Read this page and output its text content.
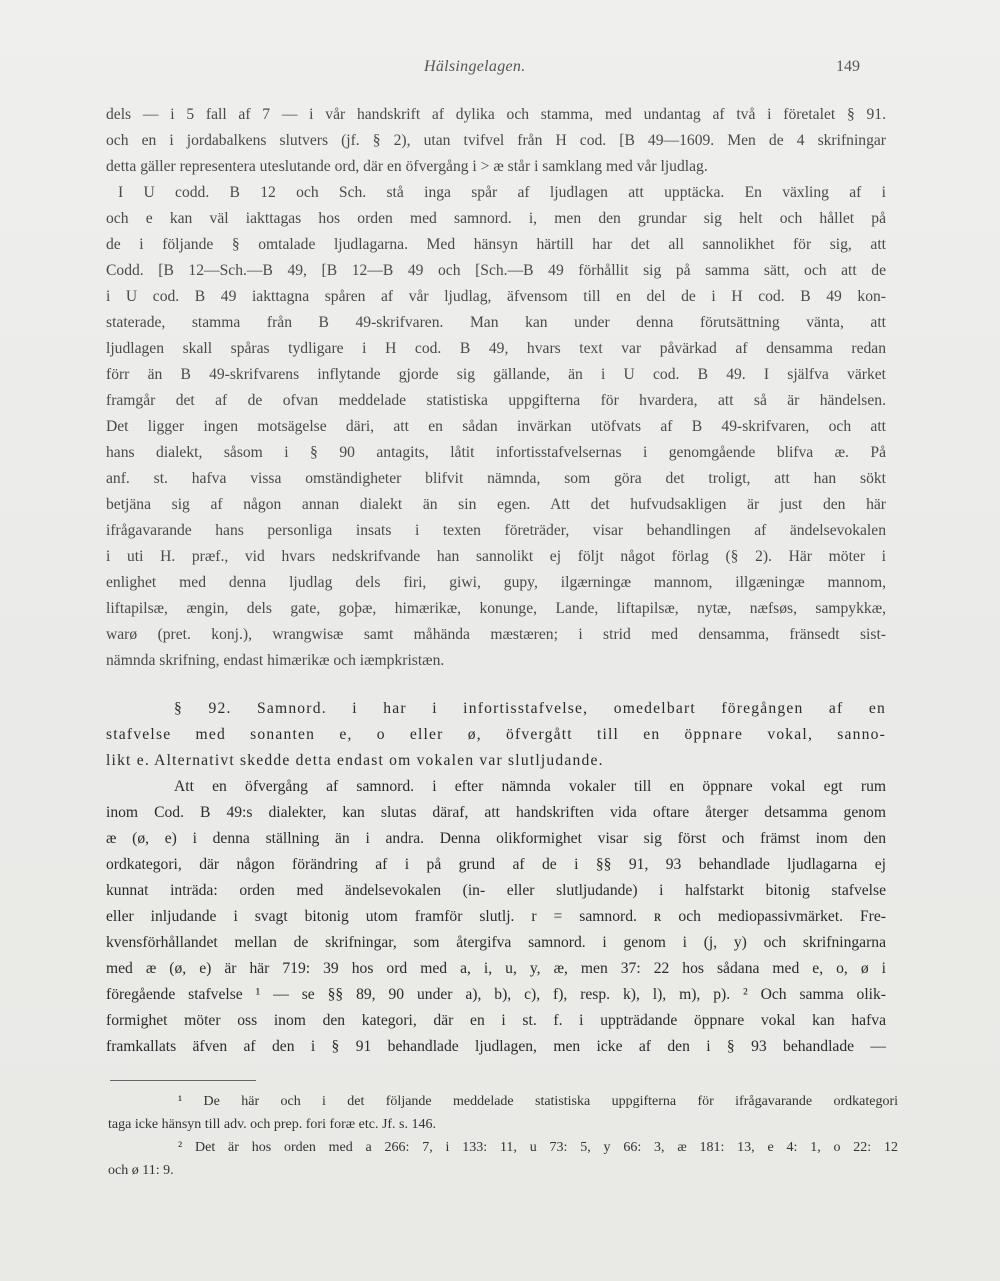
Hälsingelagen.	149
dels — i 5 fall af 7 — i vår handskrift af dylika och stamma, med undantag af två i företalet § 91.
och en i jordabalkens slutvers (jf. § 2), utan tvifvel från H cod. [B 49—1609. Men de 4 skrifningar
detta gäller representera uteslutande ord, där en öfvergång i > æ står i samklang med vår ljudlag.
I U codd. B 12 och Sch. stå inga spår af ljudlagen att upptäcka. En växling af i
och e kan väl iakttagas hos orden med samnord. i, men den grundar sig helt och hållet på
de i följande § omtalade ljudlagarna. Med hänsyn härtill har det all sannolikhet för sig, att
Codd. [B 12—Sch.—B 49, [B 12—B 49 och [Sch.—B 49 förhållit sig på samma sätt, och att de
i U cod. B 49 iakttagna spåren af vår ljudlag, äfvensom till en del de i H cod. B 49 kon-
staterade, stamma från B 49-skrifvaren. Man kan under denna förutsättning vänta, att
ljudlagen skall spåras tydligare i H cod. B 49, hvars text var påvärkad af densamma redan
förr än B 49-skrifvarens inflytande gjorde sig gällande, än i U cod. B 49. I själfva värket
framgår det af de ofvan meddelade statistiska uppgifterna för hvardera, att så är händelsen.
Det ligger ingen motsägelse däri, att en sådan invärkan utöfvats af B 49-skrifvaren, och att
hans dialekt, såsom i § 90 antagits, låtit infortisstafvelsernas i genomgående blifva æ. På
anf. st. hafva vissa omständigheter blifvit nämnda, som göra det troligt, att han sökt
betjäna sig af någon annan dialekt än sin egen. Att det hufvudsakligen är just den här
ifrågavarande hans personliga insats i texten företräder, visar behandlingen af ändelsevokalen
i uti H. præf., vid hvars nedskrifvande han sannolikt ej följt något förlag (§ 2). Här möter i
enlighet med denna ljudlag dels firi, giwi, gupy, ilgærningæ mannom, illgæningæ mannom,
liftapilsæ, ængin, dels gate, goþæ, himærikæ, konunge, Lande, liftapilsæ, nytæ, næfsøs, sampykkæ,
warø (pret. konj.), wrangwisæ samt måhända mæstæren; i strid med densamma, fränsedt sist-
nämnda skrifning, endast himærikæ och iæmpkristæn.
§ 92. Samnord. i har i infortisstafvelse, omedelbart föregången af en
stafvelse med sonanten e, o eller ø, öfvergått till en öppnare vokal, sanno-
likt e. Alternativt skedde detta endast om vokalen var slutljudande.
Att en öfvergång af samnord. i efter nämnda vokaler till en öppnare vokal egt rum
inom Cod. B 49:s dialekter, kan slutas däraf, att handskriften vida oftare återger detsamma genom
æ (ø, e) i denna ställning än i andra. Denna olikformighet visar sig först och främst inom den
ordkategori, där någon förändring af i på grund af de i §§ 91, 93 behandlade ljudlagarna ej
kunnat inträda: orden med ändelsevokalen (in- eller slutljudande) i halfstarkt bitonig stafvelse
eller inljudande i svagt bitonig utom framför slutlj. r = samnord. ʀ och mediopassivmärket. Fre-
kvensförhållandet mellan de skrifningar, som återgifva samnord. i genom i (j, y) och skrifningarna
med æ (ø, e) är här 719: 39 hos ord med a, i, u, y, æ, men 37: 22 hos sådana med e, o, ø i
föregående stafvelse ¹ — se §§ 89, 90 under a), b), c), f), resp. k), l), m), p). ² Och samma olik-
formighet möter oss inom den kategori, där en i st. f. i uppträdande öppnare vokal kan hafva
framkallats äfven af den i § 91 behandlade ljudlagen, men icke af den i § 93 behandlade —
¹ De här och i det följande meddelade statistiska uppgifterna för ifrågavarande ordkategori
taga icke hänsyn till adv. och prep. fori foræ etc. Jf. s. 146.
² Det är hos orden med a 266: 7, i 133: 11, u 73: 5, y 66: 3, æ 181: 13, e 4: 1, o 22: 12
och ø 11: 9.
